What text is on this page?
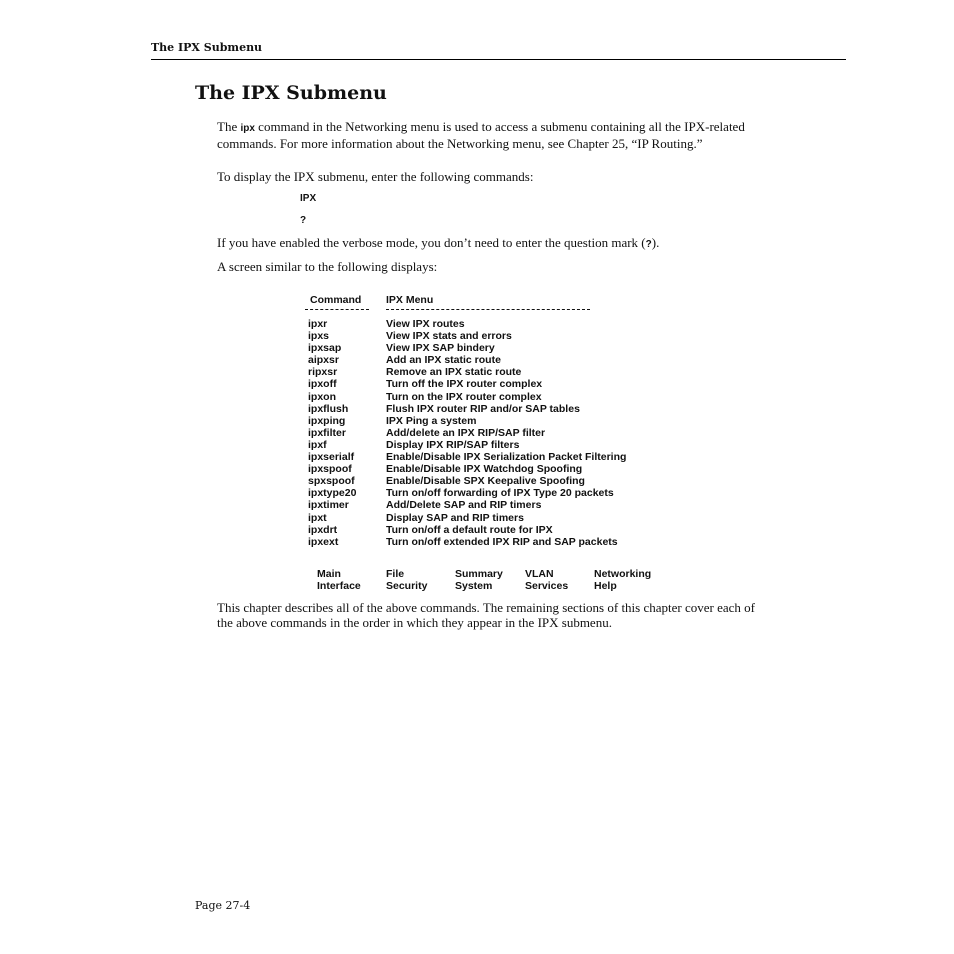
The IPX Submenu
The IPX Submenu

The ipx command in the Networking menu is used to access a submenu containing all the IPX-related commands. For more information about the Networking menu, see Chapter 25, “IP Routing.”

To display the IPX submenu, enter the following commands:

IPX
?

If you have enabled the verbose mode, you don’t need to enter the question mark (?).

A screen similar to the following displays:

Command IPX Menu
ipxr	View IPX routes
ipxs	View IPX stats and errors
ipxsap	View IPX SAP bindery
aipxsr	Add an IPX static route
ripxsr	Remove an IPX static route
ipxoff	Turn off the IPX router complex
ipxon	Turn on the IPX router complex
ipxflush	Flush IPX router RIP and/or SAP tables
ipxping	IPX Ping a system
ipxfilter	Add/delete an IPX RIP/SAP filter
ipxf	Display IPX RIP/SAP filters
ipxserialf	Enable/Disable IPX Serialization Packet Filtering
ipxspoof	Enable/Disable IPX Watchdog Spoofing
spxspoof	Enable/Disable SPX Keepalive Spoofing
ipxtype20	Turn on/off forwarding of IPX Type 20 packets
ipxtimer	Add/Delete SAP and RIP timers
ipxt	Display SAP and RIP timers
ipxdrt	Turn on/off a default route for IPX
ipxext	Turn on/off extended IPX RIP and SAP packets
Main	File	Summary VLAN	Networking
Interface Security	System	Services Help

This chapter describes all of the above commands. The remaining sections of this chapter cover each of the above commands in the order in which they appear in the IPX submenu.

Page 27-4
